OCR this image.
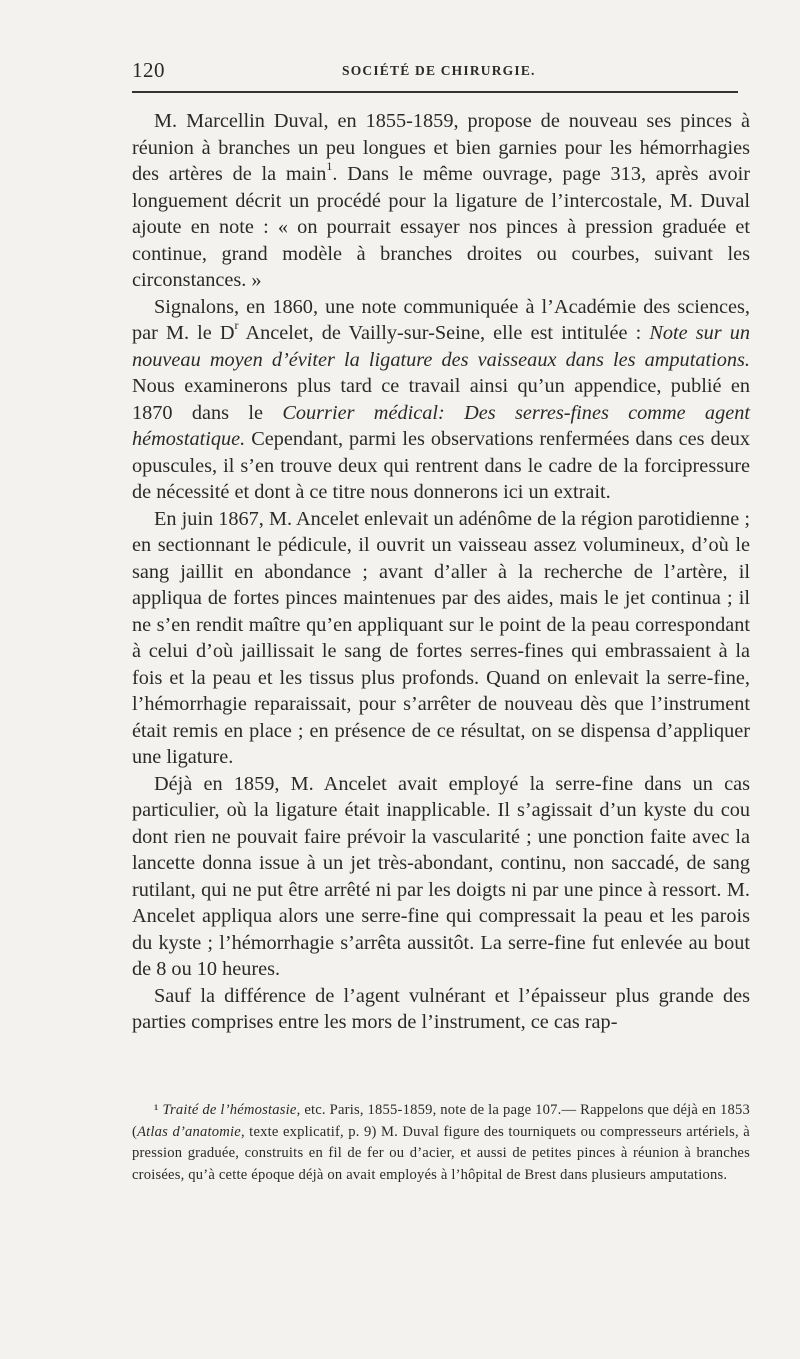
120	SOCIÉTÉ DE CHIRURGIE.

M. Marcellin Duval, en 1855-1859, propose de nouveau ses pinces à réunion à branches un peu longues et bien garnies pour les hémorrhagies des artères de la main$^1$. Dans le même ouvrage, page 313, après avoir longuement décrit un procédé pour la ligature de l’intercostale, M. Duval ajoute en note : « on pourrait essayer nos pinces à pression graduée et continue, grand modèle à branches droites ou courbes, suivant les circonstances. »

Signalons, en 1860, une note communiquée à l’Académie des sciences, par M. le $D^r$ Ancelet, de Vailly-sur-Seine, elle est intitulée : Note sur un nouveau moyen d’éviter la ligature des vaisseaux dans les amputations. Nous examinerons plus tard ce travail ainsi qu’un appendice, publié en 1870 dans le Courrier médical: Des serres-fines comme agent hémostatique. Cependant, parmi les observations renfermées dans ces deux opuscules, il s’en trouve deux qui rentrent dans le cadre de la forcipressure de nécessité et dont à ce titre nous donnerons ici un extrait.

En juin 1867, M. Ancelet enlevait un adénôme de la région parotidienne ; en sectionnant le pédicule, il ouvrit un vaisseau assez volumineux, d’où le sang jaillit en abondance ; avant d’aller à la recherche de l’artère, il appliqua de fortes pinces maintenues par des aides, mais le jet continua ; il ne s’en rendit maître qu’en appliquant sur le point de la peau correspondant à celui d’où jaillissait le sang de fortes serres-fines qui embrassaient à la fois et la peau et les tissus plus profonds. Quand on enlevait la serre-fine, l’hémorrhagie reparaissait, pour s’arrêter de nouveau dès que l’instrument était remis en place ; en présence de ce résultat, on se dispensa d’appliquer une ligature.

Déjà en 1859, M. Ancelet avait employé la serre-fine dans un cas particulier, où la ligature était inapplicable. Il s’agissait d’un kyste du cou dont rien ne pouvait faire prévoir la vascularité ; une ponction faite avec la lancette donna issue à un jet très-abondant, continu, non saccadé, de sang rutilant, qui ne put être arrêté ni par les doigts ni par une pince à ressort. M. Ancelet appliqua alors une serre-fine qui compressait la peau et les parois du kyste ; l’hémorrhagie s’arrêta aussitôt. La serre-fine fut enlevée au bout de 8 ou 10 heures.

Sauf la différence de l’agent vulnérant et l’épaisseur plus grande des parties comprises entre les mors de l’instrument, ce cas rap-

¹ Traité de l’hémostasie, etc. Paris, 1855-1859, note de la page 107.— Rappelons que déjà en 1853 (Atlas d’anatomie, texte explicatif, p. 9) M. Duval figure des tourniquets ou compresseurs artériels, à pression graduée, construits en fil de fer ou d’acier, et aussi de petites pinces à réunion à branches croisées, qu’à cette époque déjà on avait employés à l’hôpital de Brest dans plusieurs amputations.
